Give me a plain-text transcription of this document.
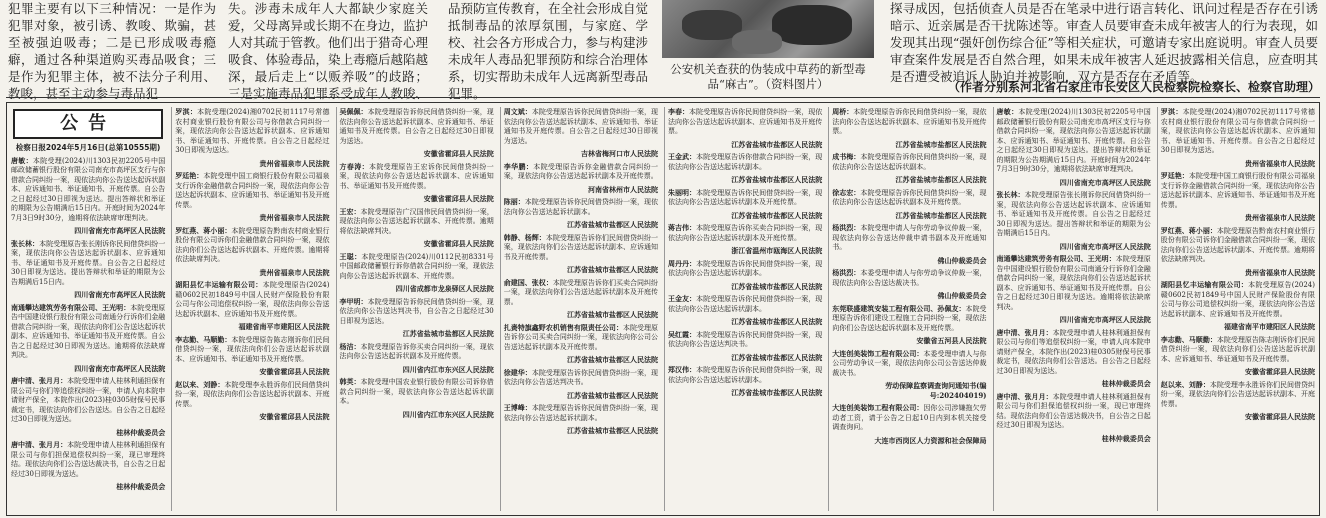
犯罪主要有以下三种情况：一是作为犯罪对象，被引诱、教唆、欺骗，甚至被强迫吸毒；二是已形成吸毒瘾癖，通过各种渠道购买毒品吸食；三是作为犯罪主体，被不法分子利用、教唆，甚至主动参与毒品犯

失。涉毒未成年人大都缺少家庭关爱，父母离异或长期不在身边，监护人对其疏于管教。他们出于猎奇心理吸食、体验毒品，染上毒瘾后越陷越深，最后走上“以贩养吸”的歧路；三是实施毒品犯罪系受成年人教唆、

品预防宣传教育，在全社会形成自觉抵制毒品的浓厚氛围，与家庭、学校、社会各方形成合力，参与构建涉未成年人毒品犯罪预防和综合治理体系，切实帮助未成年人远离新型毒品犯罪。

公安机关查获的伪装成中草药的新型毒品“麻古”。（资料图片）

探寻成因，包括侦查人员是否在笔录中进行语言转化、讯问过程是否存在引诱暗示、近亲属是否干扰陈述等。审查人员要审查未成年被害人的行为表现，如发现其出现“强奸创伤综合征”等相关症状，可邀请专家出庭说明。审查人员要审查案件发展是否自然合理，如果未成年被害人延迟披露相关信息，应查明其是否遭受被追诉人胁迫并被影响，双方是否存在矛盾等。

（作者分别系河北省石家庄市长安区人民检察院检察长、检察官助理）
公告
检察日报2024年5月16日(总第10555期)

唐敏：本院受理(2024)川1303民初2205号中国邮政储蓄银行股份有限公司南充市高坪区支行与你借款合同纠纷一案，现依法向你公告送达起诉状副本、应诉通知书、举证通知书、开庭传票。自公告之日起经过30日即视为送达。提出答辩状和举证的期限为公告期满后15日内。开庭时间为2024年7月3日9时30分，逾期将依法缺席审理判决。

四川省南充市高坪区人民法院

张长林：本院受理原告张长刚诉你民间借贷纠纷一案，现依法向你公告送达起诉状副本、应诉通知书、举证通知书及开庭传票。自公告之日起经过30日即视为送达。提出答辩状和举证的期限为公告期满后15日内。

四川省南充市高坪区人民法院

南通攀达建筑劳务有限公司、王光明：本院受理原告中国建设银行股份有限公司南通分行诉你们金融借款合同纠纷一案，现依法向你们公告送达起诉状副本、应诉通知书、举证通知书及开庭传票。自公告之日起经过30日即视为送达。逾期将依法缺席判决。

四川省南充市高坪区人民法院

唐中清、张月月：本院受理申请人桂林利通担保有限公司与你们等追偿权纠纷一案，申请人向本院申请财产保全，本院作出(2023)桂0305财保号民事裁定书，现依法向你们公告送达。自公告之日起经过30日即视为送达。

桂林仲裁委员会

唐中清、张月月：本院受理申请人桂林利通担保有限公司与你们担保追偿权纠纷一案，现已审理终结。现依法向你们公告送达裁决书，自公告之日起经过30日即视为送达。

桂林仲裁委员会

罗淇：本院受理(2024)湘0702民初1117号常德农村商业银行股份有限公司与你借款合同纠纷一案，现依法向你公告送达起诉状副本、应诉通知书、举证通知书、开庭传票。自公告之日起经过30日即视为送达。

贵州省福泉市人民法院

罗廷艳：本院受理中国工商银行股份有限公司福泉支行诉你金融借款合同纠纷一案，现依法向你公告送达起诉状副本、应诉通知书、举证通知书及开庭传票。

贵州省福泉市人民法院

罗红燕、蒋小丽：本院受理原告黔南农村商业银行股份有限公司诉你们金融借款合同纠纷一案，现依法向你们公告送达起诉状副本、开庭传票。逾期将依法缺席判决。

贵州省福泉市人民法院

湖阳县忆丰运输有限公司：本院受理原告(2024)赣0602民初1849号中国人民财产保险股份有限公司与你公司追偿权纠纷一案，现依法向你公告送达起诉状副本、应诉通知书及开庭传票。

福建省南平市建阳区人民法院

李志勤、马顺勤：本院受理原告陈志刚诉你们民间借贷纠纷一案，现依法向你们公告送达起诉状副本、应诉通知书、举证通知书及开庭传票。

安徽省霍邱县人民法院

赵以来、刘静：本院受理李永胜诉你们民间借贷纠纷一案，现依法向你们公告送达起诉状副本、开庭传票。

安徽省霍邱县人民法院

吴佩佩：本院受理原告诉你民间借贷纠纷一案，现依法向你公告送达起诉状副本、应诉通知书、举证通知书及开庭传票。自公告之日起经过30日即视为送达。

安徽省霍邱县人民法院

方春涛：本院受理原告王宏诉你民间借贷纠纷一案，现依法向你公告送达起诉状副本、应诉通知书、举证通知书及开庭传票。

安徽省霍邱县人民法院

王宏：本院受理原告广汉国伟民间借贷纠纷一案，现依法向你公告送达起诉状副本、开庭传票。逾期将依法缺席判决。

安徽省霍邱县人民法院

王聪：本院受理原告(2024)川0112民初8331号中国邮政储蓄银行诉你借款合同纠纷一案，现依法向你公告送达起诉状副本、开庭传票。

四川省成都市龙泉驿区人民法院

李甲明：本院受理原告诉你民间借贷纠纷一案，现依法向你公告送达判决书，自公告之日起经过30日即视为送达。

江苏省盐城市盐都区人民法院

杨洁：本院受理原告诉你买卖合同纠纷一案，现依法向你公告送达起诉状副本及开庭传票。

四川省内江市东兴区人民法院

韩英：本院受理中国农业银行股份有限公司诉你借款合同纠纷一案，现依法向你公告送达起诉状副本。

四川省内江市东兴区人民法院

周文斌：本院受理原告诉你民间借贷纠纷一案，现依法向你公告送达起诉状副本、应诉通知书、举证通知书及开庭传票。自公告之日起经过30日即视为送达。

吉林省梅河口市人民法院

李华鹏：本院受理原告诉你金融借款合同纠纷一案，现依法向你公告送达起诉状副本及开庭传票。

河南省林州市人民法院

陈丽：本院受理原告诉你民间借贷纠纷一案，现依法向你公告送达起诉状副本。

江苏省盐城市盐都区人民法院

韩静、杨辉：本院受理原告诉你们民间借贷纠纷一案，现依法向你们公告送达起诉状副本、应诉通知书及开庭传票。

江苏省盐城市盐都区人民法院

俞建国、张权：本院受理原告诉你们买卖合同纠纷一案，现依法向你们公告送达起诉状副本及开庭传票。

江苏省盐城市盐都区人民法院

扎赉特旗鑫野农机销售有限责任公司：本院受理原告诉你公司买卖合同纠纷一案，现依法向你公司公告送达起诉状副本及开庭传票。

江苏省盐城市盐都区人民法院

徐建华：本院受理原告诉你民间借贷纠纷一案，现依法向你公告送达判决书。

江苏省盐城市盐都区人民法院

王博峰：本院受理原告诉你民间借贷纠纷一案，现依法向你公告送达起诉状副本。

江苏省盐城市盐都区人民法院

李春：本院受理原告诉你民间借贷纠纷一案，现依法向你公告送达起诉状副本、应诉通知书及开庭传票。

江苏省盐城市盐都区人民法院

王金武：本院受理原告诉你借款合同纠纷一案，现依法向你公告送达起诉状副本。

江苏省盐城市盐都区人民法院

朱丽明：本院受理原告诉你民间借贷纠纷一案，现依法向你公告送达起诉状副本及开庭传票。

江苏省盐城市盐都区人民法院

蒋吉伟：本院受理原告诉你买卖合同纠纷一案，现依法向你公告送达起诉状副本及开庭传票。

浙江省温州市瓯海区人民法院

周丹丹：本院受理原告诉你民间借贷纠纷一案，现依法向你公告送达起诉状副本。

江苏省盐城市盐都区人民法院

王金友：本院受理原告诉你民间借贷纠纷一案，现依法向你公告送达起诉状副本。

江苏省盐城市盐都区人民法院

吴红霞：本院受理原告诉你民间借贷纠纷一案，现依法向你公告送达判决书。

江苏省盐城市盐都区人民法院

郑汉伟：本院受理原告诉你民间借贷纠纷一案，现依法向你公告送达起诉状副本。

江苏省盐城市盐都区人民法院

周桥：本院受理原告诉你民间借贷纠纷一案，现依法向你公告送达起诉状副本、应诉通知书及开庭传票。

江苏省盐城市盐都区人民法院

成书梅：本院受理原告诉你民间借贷纠纷一案，现依法向你公告送达起诉状副本。

江苏省盐城市盐都区人民法院

徐志宏：本院受理原告诉你民间借贷纠纷一案，现依法向你公告送达起诉状副本及开庭传票。

江苏省盐城市盐都区人民法院

杨洪烈：本院受理申请人与你劳动争议仲裁一案，现依法向你公告送达仲裁申请书副本及开庭通知书。

佛山仲裁委员会

杨洪烈：本委受理申请人与你劳动争议仲裁一案，现依法向你公告送达裁决书。

佛山仲裁委员会

东莞联盛建筑安装工程有限公司、孙佩友：本院受理原告诉你们建设工程施工合同纠纷一案，现依法向你们公告送达起诉状副本及开庭传票。

安徽省五河县人民法院

大连创美装饰工程有限公司：本委受理申请人与你公司劳动争议一案，现依法向你公司公告送达仲裁裁决书。

劳动保障监察调查询问通知书(编号:202404019)

大连创美装饰工程有限公司：因你公司涉嫌拖欠劳动者工资，请于公告之日起10日内到本机关接受调查询问。

大连市西岗区人力资源和社会保障局

唐敏：本院受理(2024)川1303民初2205号中国邮政储蓄银行股份有限公司南充市高坪区支行与你借款合同纠纷一案，现依法向你公告送达起诉状副本、应诉通知书、举证通知书、开庭传票。自公告之日起经过30日即视为送达。提出答辩状和举证的期限为公告期满后15日内。开庭时间为2024年7月3日9时30分，逾期将依法缺席审理判决。

四川省南充市高坪区人民法院

张长林：本院受理原告张长刚诉你民间借贷纠纷一案，现依法向你公告送达起诉状副本、应诉通知书、举证通知书及开庭传票。自公告之日起经过30日即视为送达。提出答辩状和举证的期限为公告期满后15日内。

四川省南充市高坪区人民法院

南通攀达建筑劳务有限公司、王光明：本院受理原告中国建设银行股份有限公司南通分行诉你们金融借款合同纠纷一案，现依法向你们公告送达起诉状副本、应诉通知书、举证通知书及开庭传票。自公告之日起经过30日即视为送达。逾期将依法缺席判决。

四川省南充市高坪区人民法院

唐中清、张月月：本院受理申请人桂林利通担保有限公司与你们等追偿权纠纷一案，申请人向本院申请财产保全，本院作出(2023)桂0305财保号民事裁定书，现依法向你们公告送达。自公告之日起经过30日即视为送达。

桂林仲裁委员会

唐中清、张月月：本院受理申请人桂林利通担保有限公司与你们担保追偿权纠纷一案，现已审理终结。现依法向你们公告送达裁决书，自公告之日起经过30日即视为送达。

桂林仲裁委员会

罗淇：本院受理(2024)湘0702民初1117号常德农村商业银行股份有限公司与你借款合同纠纷一案，现依法向你公告送达起诉状副本、应诉通知书、举证通知书、开庭传票。自公告之日起经过30日即视为送达。

贵州省福泉市人民法院

罗廷艳：本院受理中国工商银行股份有限公司福泉支行诉你金融借款合同纠纷一案，现依法向你公告送达起诉状副本、应诉通知书、举证通知书及开庭传票。

贵州省福泉市人民法院

罗红燕、蒋小丽：本院受理原告黔南农村商业银行股份有限公司诉你们金融借款合同纠纷一案，现依法向你们公告送达起诉状副本、开庭传票。逾期将依法缺席判决。

贵州省福泉市人民法院

湖阳县忆丰运输有限公司：本院受理原告(2024)赣0602民初1849号中国人民财产保险股份有限公司与你公司追偿权纠纷一案，现依法向你公告送达起诉状副本、应诉通知书及开庭传票。

福建省南平市建阳区人民法院

李志勤、马顺勤：本院受理原告陈志刚诉你们民间借贷纠纷一案，现依法向你们公告送达起诉状副本、应诉通知书、举证通知书及开庭传票。

安徽省霍邱县人民法院

赵以来、刘静：本院受理李永胜诉你们民间借贷纠纷一案，现依法向你们公告送达起诉状副本、开庭传票。

安徽省霍邱县人民法院
